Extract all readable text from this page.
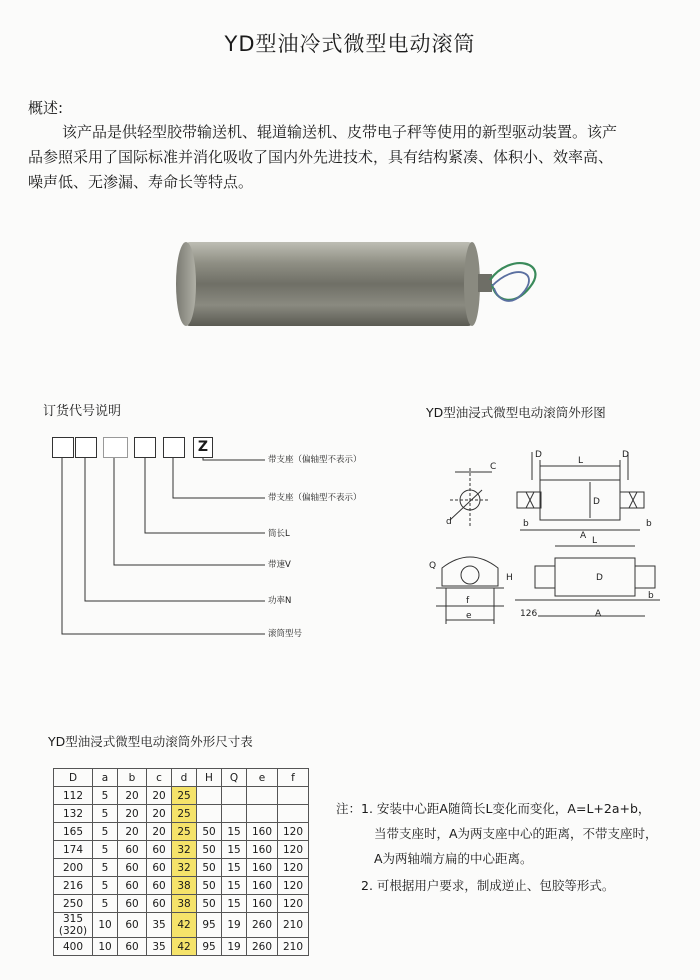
YD型油冷式微型电动滚筒
概述:
该产品是供轻型胶带输送机、辊道输送机、皮带电子秤等使用的新型驱动装置。该产
品参照采用了国际标准并消化吸收了国内外先进技术，具有结构紧凑、体积小、效率高、
噪声低、无渗漏、寿命长等特点。
订货代号说明
Z
带支座（偏轴型不表示）
带支座（偏轴型不表示）
筒长L
带速V
功率N
滚筒型号
YD型油浸式微型电动滚筒外形图
C
d
D	D
L
D
A
b	b
Q
H
f
e
L
D
b
A
126
YD型油浸式微型电动滚筒外形尺寸表
D	a	b	c	d	H	Q	e	f
112	5	20	20	25				
132	5	20	20	25				
165	5	20	20	25	50	15	160	120
174	5	60	60	32	50	15	160	120
200	5	60	60	32	50	15	160	120
216	5	60	60	38	50	15	160	120
250	5	60	60	38	50	15	160	120
315
(320)	10	60	35	42	95	19	260	210
400	10	60	35	42	95	19	260	210
注： 1. 安装中心距A随筒长L变化而变化，A=L+2a+b，
当带支座时，A为两支座中心的距离，不带支座时，
A为两轴端方扁的中心距离。
2. 可根据用户要求，制成逆止、包胶等形式。
